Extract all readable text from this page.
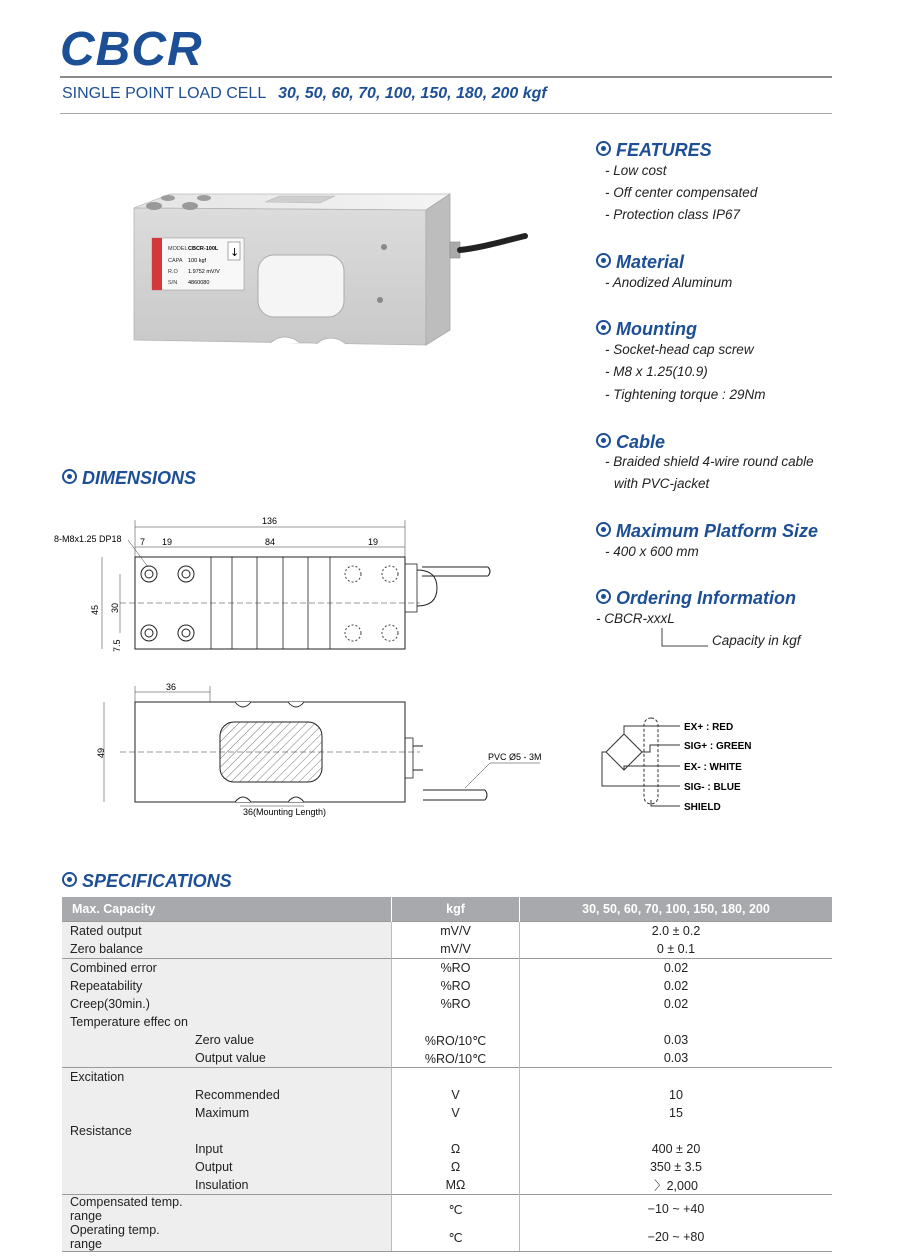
CBCR
SINGLE POINT LOAD CELL 30, 50, 60, 70, 100, 150, 180, 200 kgf
MODEL CBCR-100L
CAPA 100 kgf
R.O 1.9752 mV/V
S/N 4860080
↓
FEATURES
- Low cost
- Off center compensated
- Protection class IP67
Material
- Anodized Aluminum
Mounting
- Socket-head cap screw
- M8 x 1.25(10.9)
- Tightening torque : 29Nm
Cable
- Braided shield 4-wire round cable
with PVC-jacket
Maximum Platform Size
- 400 x 600 mm
Ordering Information
- CBCR-xxxL
Capacity in kgf
DIMENSIONS
136
7 19	84	19
8-M8x1.25 DP18
45 30
7.5
36
49	PVC Ø5 - 3M
36(Mounting Length)
EX+ : RED
SIG+ : GREEN
EX- : WHITE
SIG- : BLUE
SHIELD
SPECIFICATIONS
Max. Capacity		kgf	30, 50, 60, 70, 100, 150, 180, 200
Rated output		mV/V	2.0 ± 0.2
Zero balance		mV/V	0 ± 0.1
Combined error		%RO	0.02
Repeatability		%RO	0.02
Creep(30min.)		%RO	0.02
Temperature effec on			
	Zero value	%RO/10℃	0.03
	Output value	%RO/10℃	0.03
Excitation			
	Recommended	V	10
	Maximum	V	15
Resistance			
	Input	Ω	400 ± 20
	Output	Ω	350 ± 3.5
	Insulation	MΩ	〉2,000
Compensated temp. range		℃	−10 ~ +40
Operating temp. range		℃	−20 ~ +80
